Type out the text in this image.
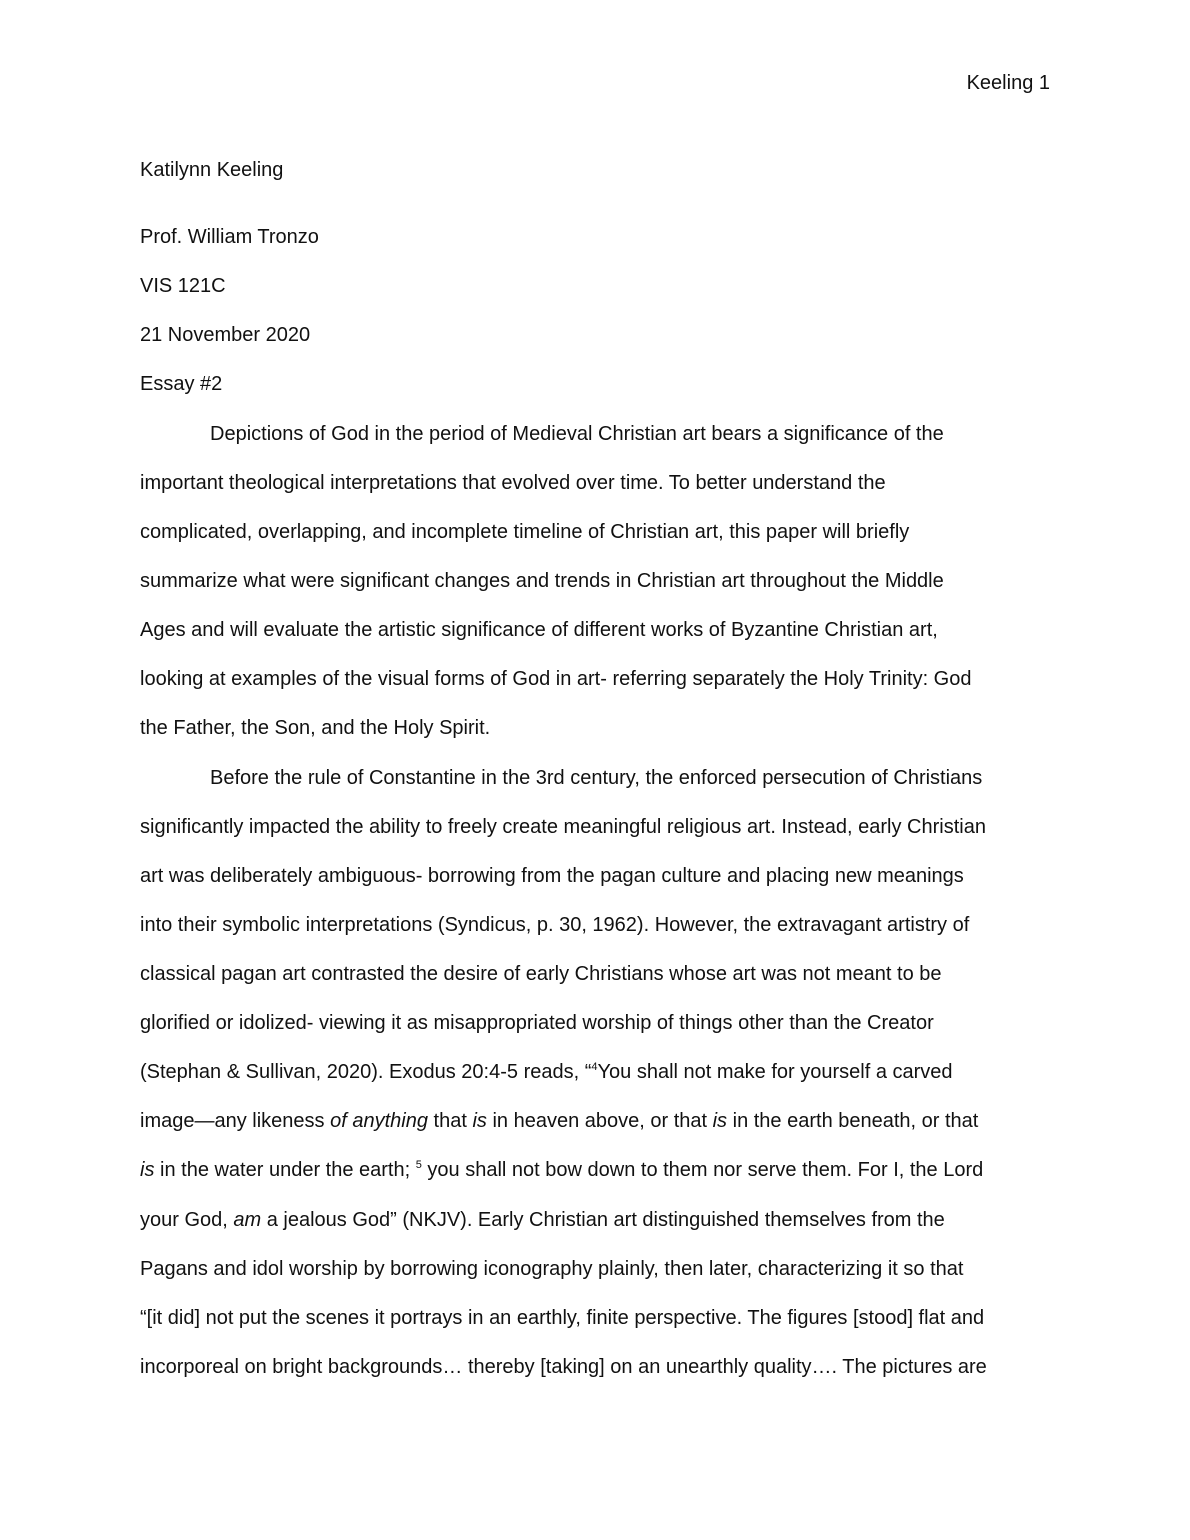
Keeling 1
Katilynn Keeling
Prof. William Tronzo
VIS 121C
21 November 2020
Essay #2
Depictions of God in the period of Medieval Christian art bears a significance of the
important theological interpretations that evolved over time. To better understand the
complicated, overlapping, and incomplete timeline of Christian art, this paper will briefly
summarize what were significant changes and trends in Christian art throughout the Middle
Ages and will evaluate the artistic significance of different works of Byzantine Christian art,
looking at examples of the visual forms of God in art- referring separately the Holy Trinity: God
the Father, the Son, and the Holy Spirit.
Before the rule of Constantine in the 3rd century, the enforced persecution of Christians
significantly impacted the ability to freely create meaningful religious art. Instead, early Christian
art was deliberately ambiguous- borrowing from the pagan culture and placing new meanings
into their symbolic interpretations (Syndicus, p. 30, 1962). However, the extravagant artistry of
classical pagan art contrasted the desire of early Christians whose art was not meant to be
glorified or idolized- viewing it as misappropriated worship of things other than the Creator
(Stephan & Sullivan, 2020). Exodus 20:4-5 reads, “$^4$You shall not make for yourself a carved
image—any likeness of anything that is in heaven above, or that is in the earth beneath, or that
is in the water under the earth; $^5$ you shall not bow down to them nor serve them. For I, the Lord
your God, am a jealous God” (NKJV). Early Christian art distinguished themselves from the
Pagans and idol worship by borrowing iconography plainly, then later, characterizing it so that
“[it did] not put the scenes it portrays in an earthly, finite perspective. The figures [stood] flat and
incorporeal on bright backgrounds… thereby [taking] on an unearthly quality…. The pictures are
